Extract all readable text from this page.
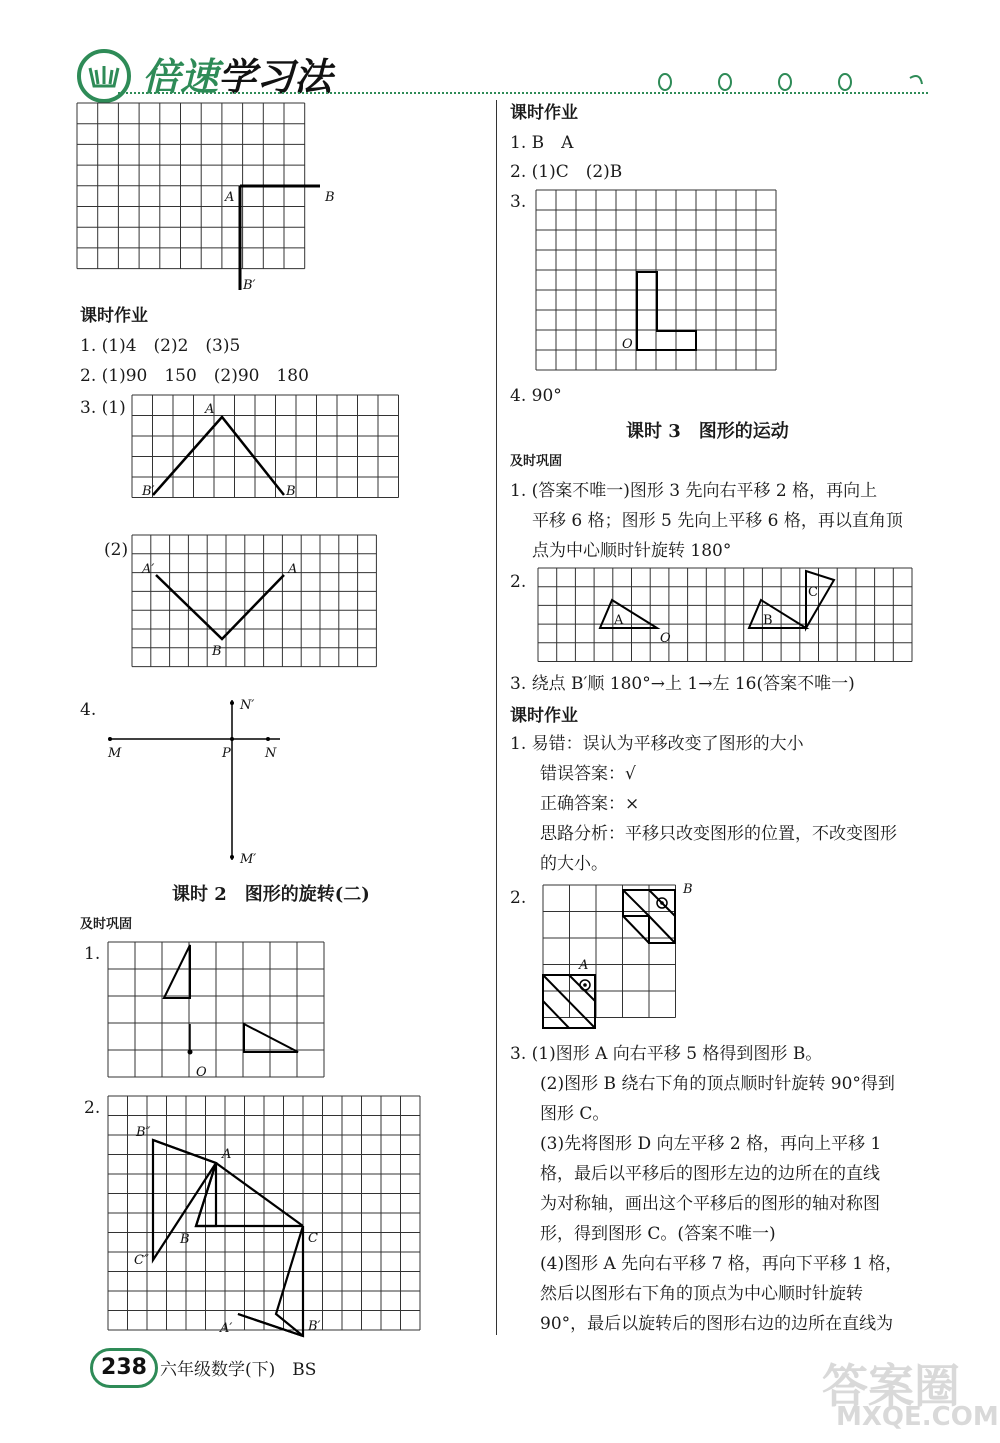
倍速学习法
A	B
B′
课时作业
1. (1)4　(2)2　(3)5
2. (1)90　150　(2)90　180
3. (1)	A
B′	B
(2)
A′	A
B
4.
M	P	N
N′
M′
课时 2　图形的旋转(二)
及时巩固
1.
O
2.
B″
A
B	C
C″
A′	B′
课时作业
1. B　A
2. (1)C　(2)B
3.
O
4. 90°
课时 3　图形的运动
及时巩固
1. (答案不唯一)图形 3 先向右平移 2 格，再向上
平移 6 格；图形 5 先向上平移 6 格，再以直角顶
点为中心顺时针旋转 180°
2.
A	B
C
O
3. 绕点 B′顺 180°→上 1→左 16(答案不唯一)
课时作业
1. 易错：误认为平移改变了图形的大小
错误答案：√
正确答案：×
思路分析：平移只改变图形的位置，不改变图形
的大小。
2.	B
A
3. (1)图形 A 向右平移 5 格得到图形 B。
(2)图形 B 绕右下角的顶点顺时针旋转 90°得到
图形 C。
(3)先将图形 D 向左平移 2 格，再向上平移 1
格，最后以平移后的图形左边的边所在的直线
为对称轴，画出这个平移后的图形的轴对称图
形，得到图形 C。(答案不唯一)
(4)图形 A 先向右平移 7 格，再向下平移 1 格，
然后以图形右下角的顶点为中心顺时针旋转
90°，最后以旋转后的图形右边的边所在直线为
238 六年级数学(下)　BS	答案圈
MXQE.COM
